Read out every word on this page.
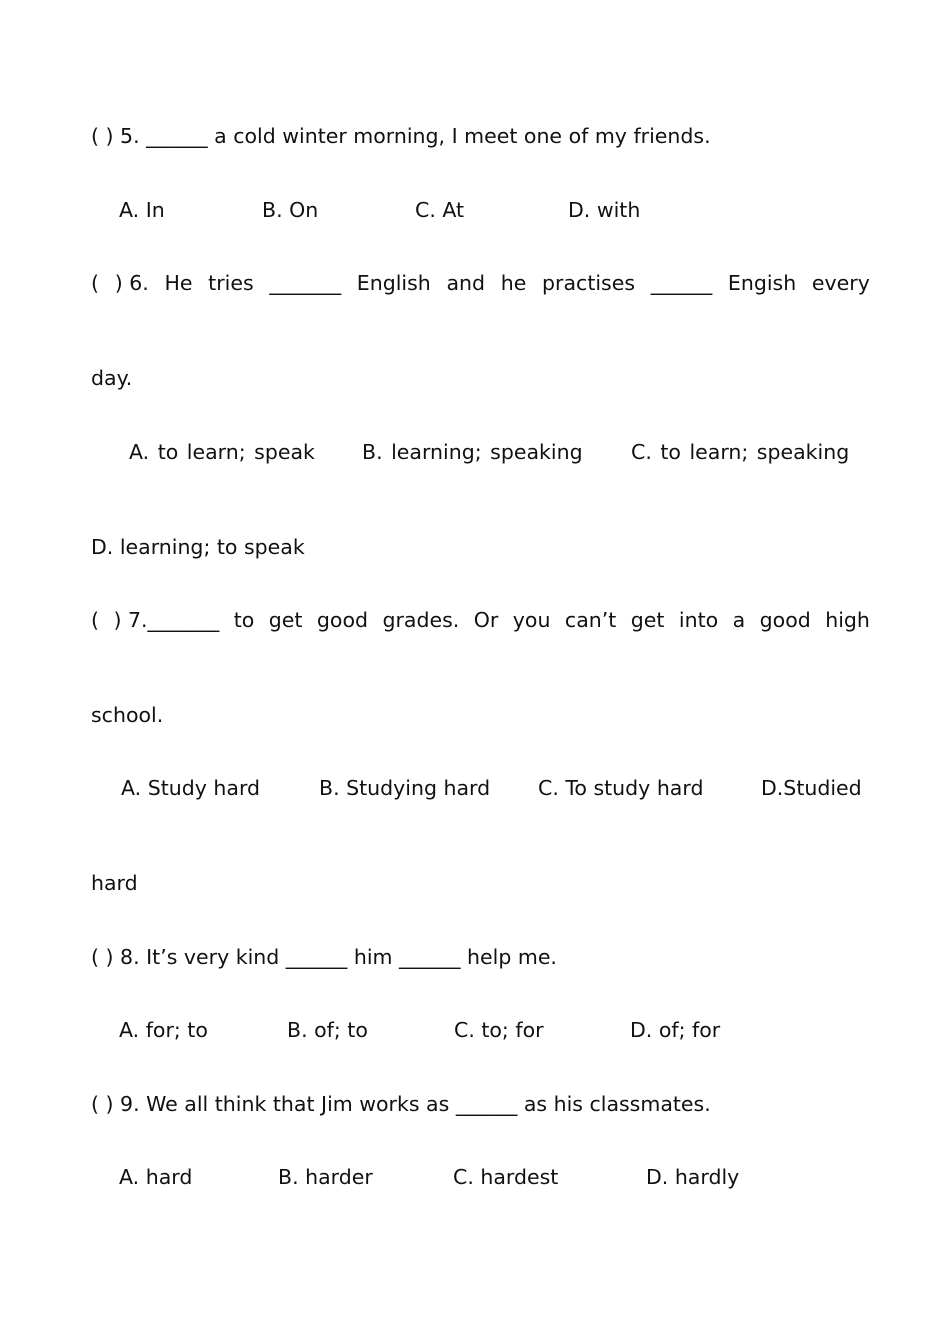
( ) 5. ______ a cold winter morning, I meet one of my friends.
A. In	B. On	C. At	D. with
( ) 6. He tries _______ English and he practises ______ Engish every
day.
A. to learn; speak B. learning; speaking C. to learn; speaking
D. learning; to speak
( ) 7._______ to get good grades. Or you can’t get into a good high
school.
A. Study hard	B. Studying hard C. To study hard	D.Studied
hard
( ) 8. It’s very kind ______ him ______ help me.
A. for; to	B. of; to	C. to; for	D. of; for
( ) 9. We all think that Jim works as ______ as his classmates.
A. hard	B. harder	C. hardest	D. hardly
